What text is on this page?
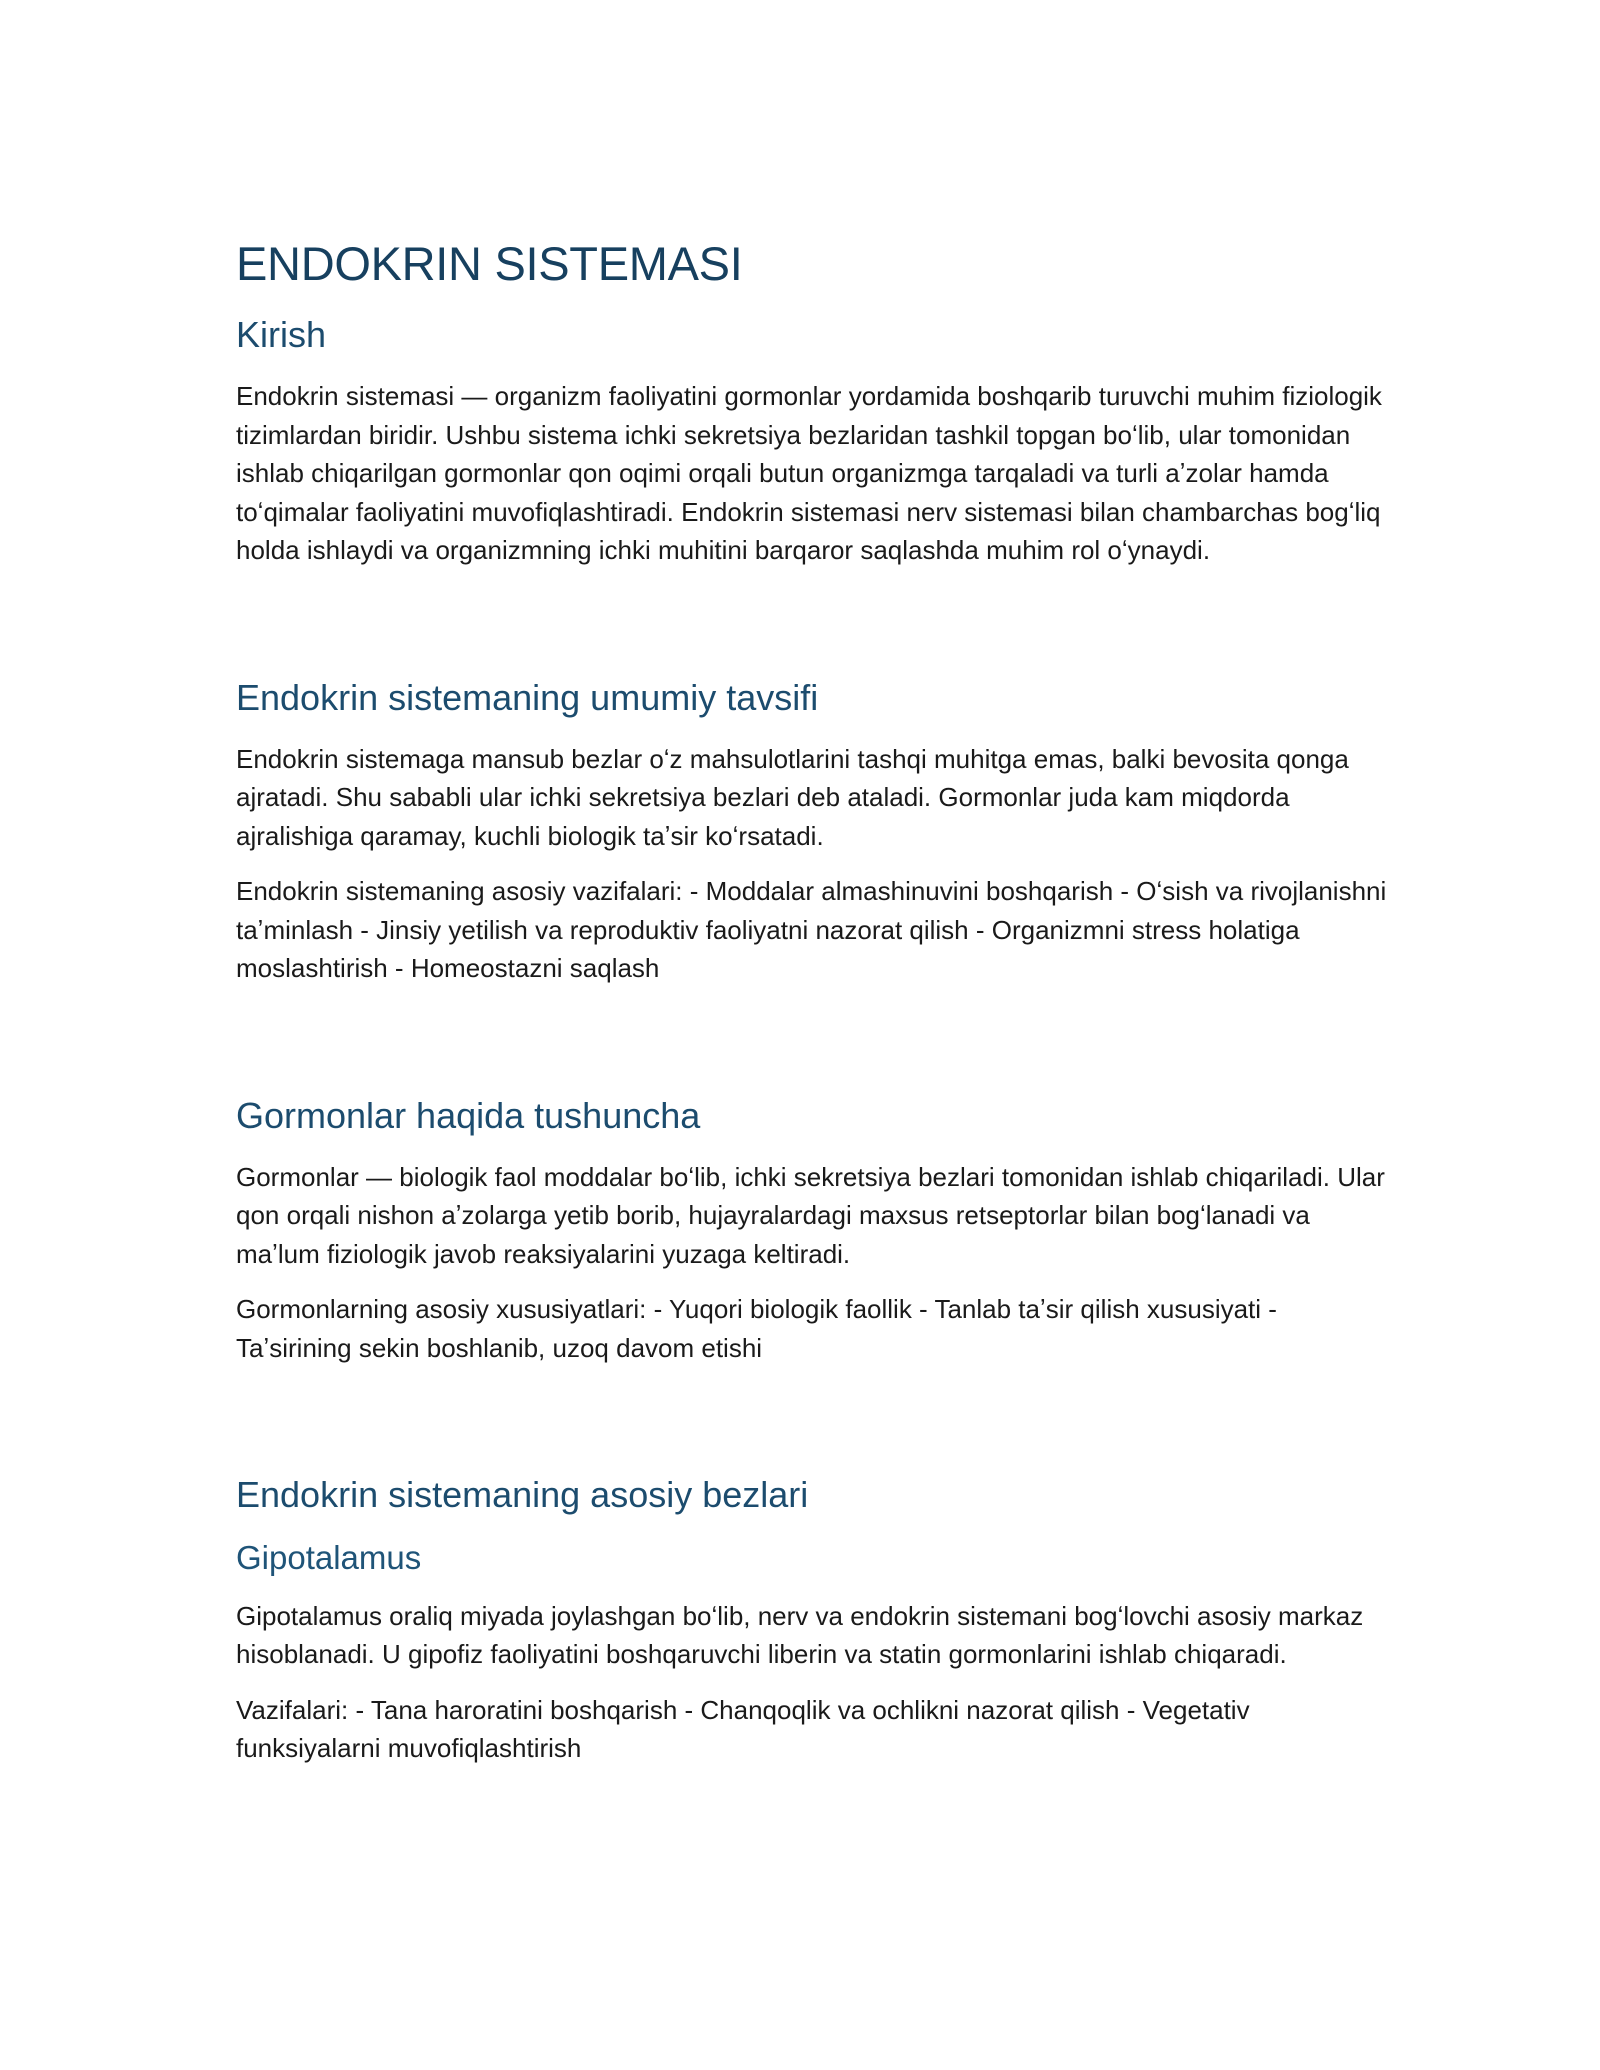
ENDOKRIN SISTEMASI
Kirish

Endokrin sistemasi — organizm faoliyatini gormonlar yordamida boshqarib turuvchi muhim fiziologik tizimlardan biridir. Ushbu sistema ichki sekretsiya bezlaridan tashkil topgan boʻlib, ular tomonidan ishlab chiqarilgan gormonlar qon oqimi orqali butun organizmga tarqaladi va turli aʼzolar hamda toʻqimalar faoliyatini muvofiqlashtiradi. Endokrin sistemasi nerv sistemasi bilan chambarchas bogʻliq holda ishlaydi va organizmning ichki muhitini barqaror saqlashda muhim rol oʻynaydi.

Endokrin sistemaning umumiy tavsifi

Endokrin sistemaga mansub bezlar oʻz mahsulotlarini tashqi muhitga emas, balki bevosita qonga ajratadi. Shu sababli ular ichki sekretsiya bezlari deb ataladi. Gormonlar juda kam miqdorda ajralishiga qaramay, kuchli biologik taʼsir koʻrsatadi.

Endokrin sistemaning asosiy vazifalari: - Moddalar almashinuvini boshqarish - Oʻsish va rivojlanishni taʼminlash - Jinsiy yetilish va reproduktiv faoliyatni nazorat qilish - Organizmni stress holatiga moslashtirish - Homeostazni saqlash

Gormonlar haqida tushuncha

Gormonlar — biologik faol moddalar boʻlib, ichki sekretsiya bezlari tomonidan ishlab chiqariladi. Ular qon orqali nishon aʼzolarga yetib borib, hujayralardagi maxsus retseptorlar bilan bogʻlanadi va maʼlum fiziologik javob reaksiyalarini yuzaga keltiradi.

Gormonlarning asosiy xususiyatlari: - Yuqori biologik faollik - Tanlab taʼsir qilish xususiyati - Taʼsirining sekin boshlanib, uzoq davom etishi

Endokrin sistemaning asosiy bezlari
Gipotalamus

Gipotalamus oraliq miyada joylashgan boʻlib, nerv va endokrin sistemani bogʻlovchi asosiy markaz hisoblanadi. U gipofiz faoliyatini boshqaruvchi liberin va statin gormonlarini ishlab chiqaradi.

Vazifalari: - Tana haroratini boshqarish - Chanqoqlik va ochlikni nazorat qilish - Vegetativ funksiyalarni muvofiqlashtirish
